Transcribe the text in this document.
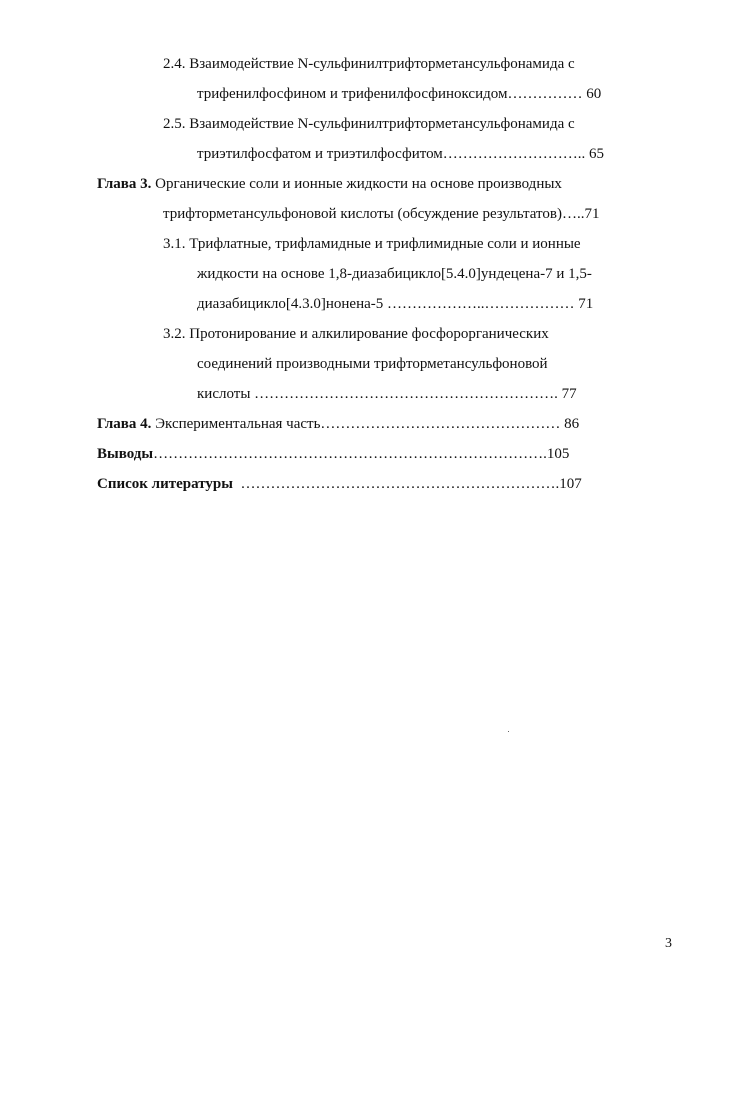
2.4. Взаимодействие N-сульфинилтрифторметансульфонамида с
трифенилфосфином и трифенилфосфиноксидом…………… 60
2.5. Взаимодействие N-сульфинилтрифторметансульфонамида с
триэтилфосфатом и триэтилфосфитом……………………….. 65
Глава 3. Органические соли и ионные жидкости на основе производных
трифторметансульфоновой кислоты (обсуждение результатов)…..71
3.1. Трифлатные, трифламидные и трифлимидные соли и ионные
жидкости на основе 1,8-диазабицикло[5.4.0]ундецена-7 и 1,5-
диазабицикло[4.3.0]нонена-5 ………………..……………… 71
3.2. Протонирование и алкилирование фосфорорганических
соединений производными трифторметансульфоновой
кислоты ……………………………………………………. 77
Глава 4. Экспериментальная часть………………………………………… 86
Выводы…………………………………………………………………….105
Список литературы  ……………………………………………………….107
3
